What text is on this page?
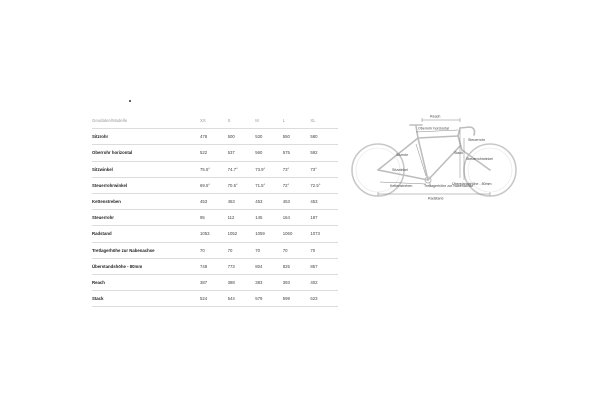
Geodaten/Modelle	XS	S	M	L	XL
Sitzrohr	478	500	530	550	580
Oberrohr horizontal	522	537	560	575	592
Sitzwinkel	75.5°	74.7°	73.9°	73°	73°
Steuerrohrwinkel	69.5°	70.5°	71.5°	72°	72.5°
Kettenstreben	453	453	453	453	453
Steuerrohr	95	112	145	164	187
Radstand	1053	1052	1059	1060	1073
Tretlagerhöhe zur Nabenachse	70	70	70	70	70
Überstandshöhe - 80mm	748	773	804	825	857
Reach	387	388	383	393	402
Stack	524	544	579	599	623
Reach
Oberrohr horizontal
Sitzrohr	Stack
Sitzwinkel
Steuerrohr
Steuerrohrwinkel
Tretlagerhöhe zur Nabenachse
Kettenstreben	Überstandshöhe - 80mm
Radstand
